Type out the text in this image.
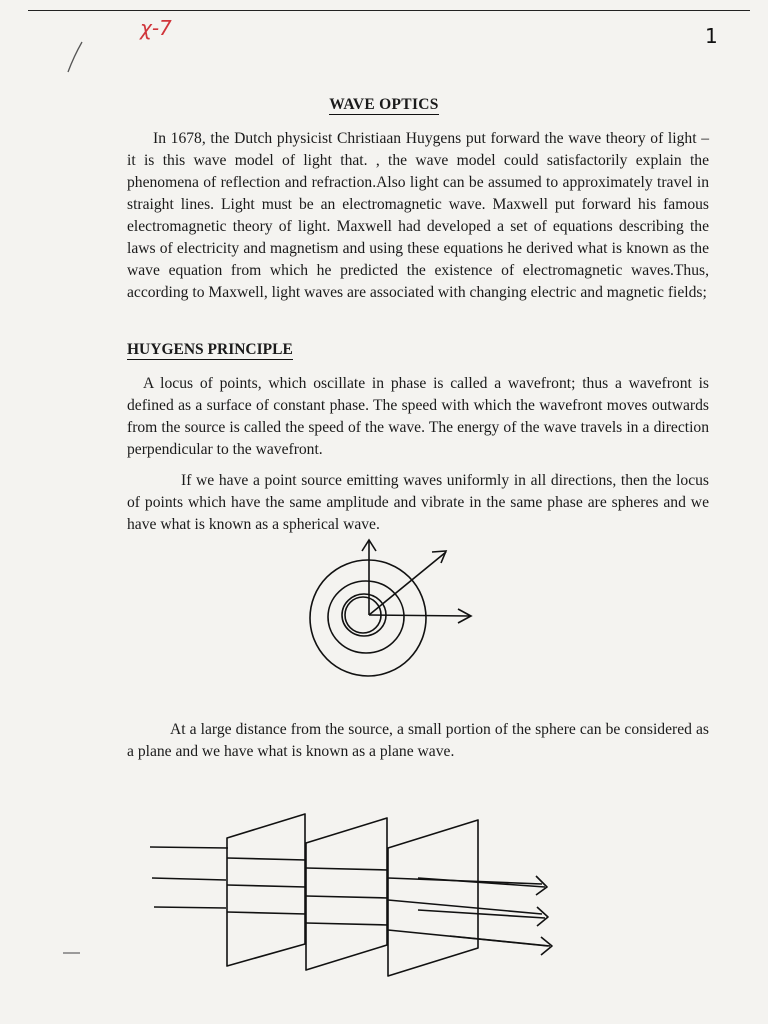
χ-7	1
WAVE OPTICS
In 1678, the Dutch physicist Christiaan Huygens put forward the wave theory of light – it is this wave model of light that. , the wave model could satisfactorily explain the phenomena of reflection and refraction.Also light can be assumed to approximately travel in straight lines. Light must be an electromagnetic wave. Maxwell put forward his famous electromagnetic theory of light. Maxwell had developed a set of equations describing the laws of electricity and magnetism and using these equations he derived what is known as the wave equation from which he predicted the existence of electromagnetic waves.Thus, according to Maxwell, light waves are associated with changing electric and magnetic fields;
HUYGENS PRINCIPLE
A locus of points, which oscillate in phase is called a wavefront; thus a wavefront is defined as a surface of constant phase. The speed with which the wavefront moves outwards from the source is called the speed of the wave. The energy of the wave travels in a direction perpendicular to the wavefront.
If we have a point source emitting waves uniformly in all directions, then the locus of points which have the same amplitude and vibrate in the same phase are spheres and we have what is known as a spherical wave.
At a large distance from the source, a small portion of the sphere can be considered as a plane and we have what is known as a plane wave.
